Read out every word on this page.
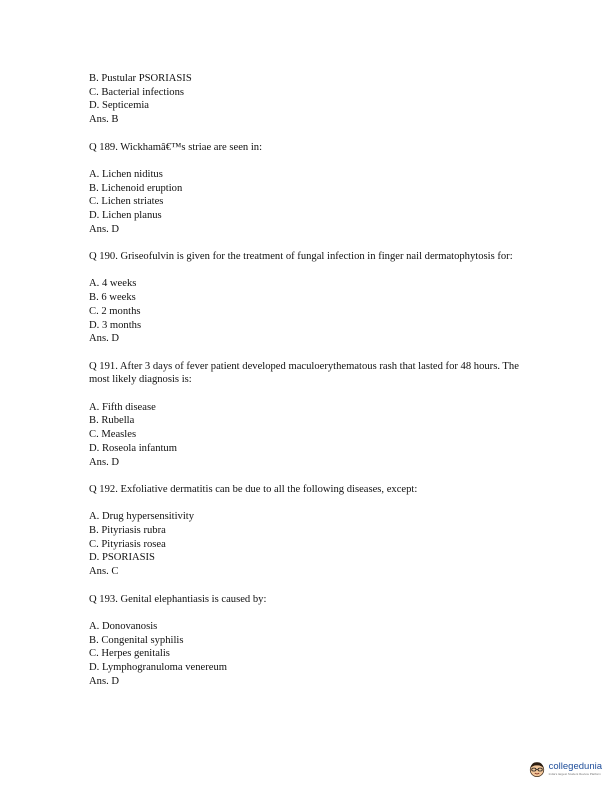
B. Pustular PSORIASIS
C. Bacterial infections
D. Septicemia
Ans. B
Q 189. Wickhamâ€™s striae are seen in:
A. Lichen niditus
B. Lichenoid eruption
C. Lichen striates
D. Lichen planus
Ans. D
Q 190. Griseofulvin is given for the treatment of fungal infection in finger nail dermatophytosis for:
A. 4 weeks
B. 6 weeks
C. 2 months
D. 3 months
Ans. D
Q 191. After 3 days of fever patient developed maculoerythematous rash that lasted for 48 hours. The most likely diagnosis is:
A. Fifth disease
B. Rubella
C. Measles
D. Roseola infantum
Ans. D
Q 192. Exfoliative dermatitis can be due to all the following diseases, except:
A. Drug hypersensitivity
B. Pityriasis rubra
C. Pityriasis rosea
D. PSORIASIS
Ans. C
Q 193. Genital elephantiasis is caused by:
A. Donovanosis
B. Congenital syphilis
C. Herpes genitalis
D. Lymphogranuloma venereum
Ans. D
collegedunia
India's largest Student Review Platform
